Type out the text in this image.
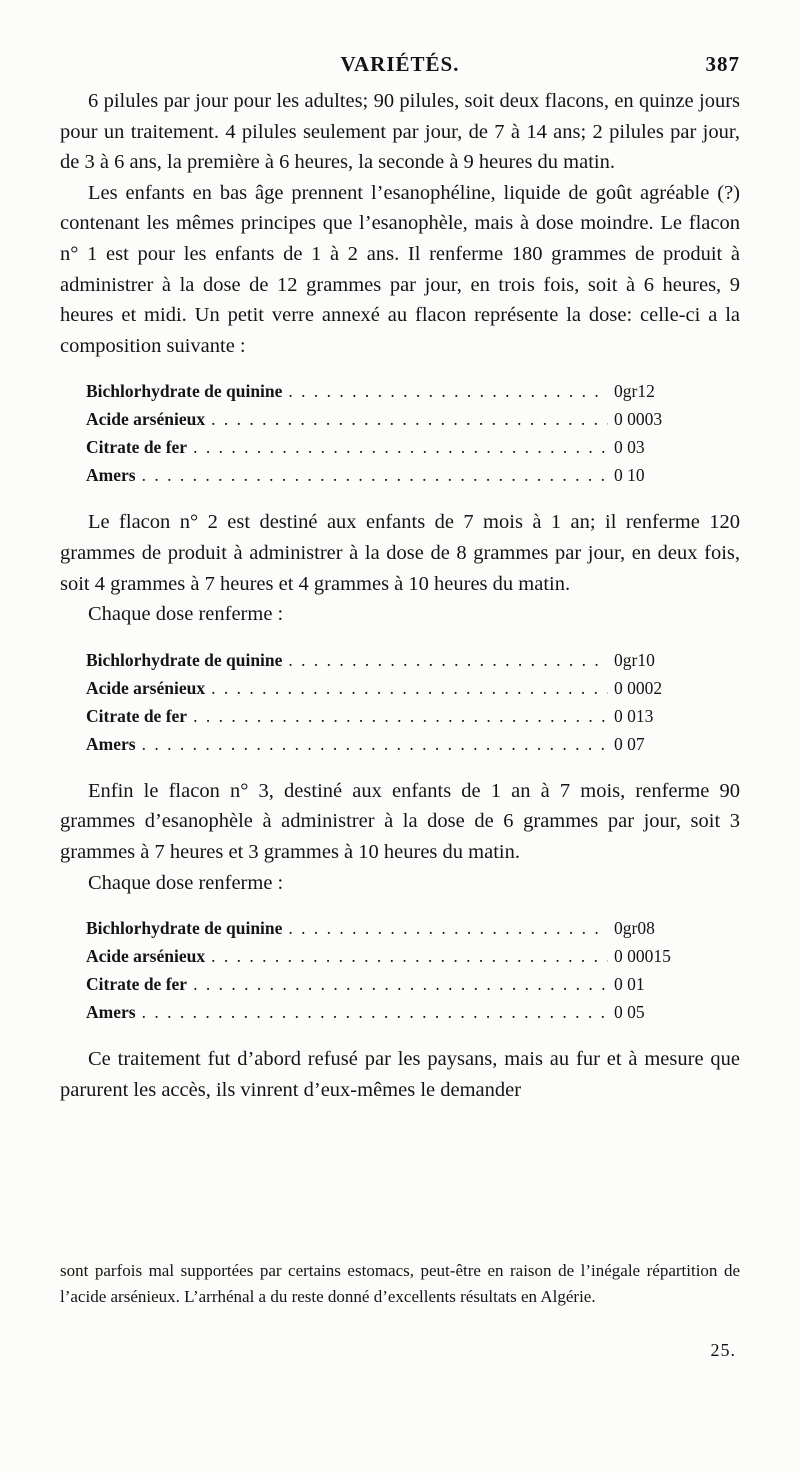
VARIÉTÉS.	387

6 pilules par jour pour les adultes; 90 pilules, soit deux flacons, en quinze jours pour un traitement. 4 pilules seulement par jour, de 7 à 14 ans; 2 pilules par jour, de 3 à 6 ans, la première à 6 heures, la seconde à 9 heures du matin.

Les enfants en bas âge prennent l’esanophéline, liquide de goût agréable (?) contenant les mêmes principes que l’esanophèle, mais à dose moindre. Le flacon n° 1 est pour les enfants de 1 à 2 ans. Il renferme 180 grammes de produit à administrer à la dose de 12 grammes par jour, en trois fois, soit à 6 heures, 9 heures et midi. Un petit verre annexé au flacon représente la dose: celle-ci a la composition suivante :

Bichlorhydrate de quinine . . .	0gr12
Acide arsénieux . . .	0 0003
Citrate de fer . . .	0 03
Amers . . .	0 10

Le flacon n° 2 est destiné aux enfants de 7 mois à 1 an; il renferme 120 grammes de produit à administrer à la dose de 8 grammes par jour, en deux fois, soit 4 grammes à 7 heures et 4 grammes à 10 heures du matin.

Chaque dose renferme :

Bichlorhydrate de quinine . . .	0gr10
Acide arsénieux . . .	0 0002
Citrate de fer . . .	0 013
Amers . . .	0 07

Enfin le flacon n° 3, destiné aux enfants de 1 an à 7 mois, renferme 90 grammes d’esanophèle à administrer à la dose de 6 grammes par jour, soit 3 grammes à 7 heures et 3 grammes à 10 heures du matin.

Chaque dose renferme :

Bichlorhydrate de quinine . . .	0gr08
Acide arsénieux . . .	0 00015
Citrate de fer . . .	0 01
Amers . . .	0 05

Ce traitement fut d’abord refusé par les paysans, mais au fur et à mesure que parurent les accès, ils vinrent d’eux-mêmes le demander

sont parfois mal supportées par certains estomacs, peut-être en raison de l’inégale répartition de l’acide arsénieux. L’arrhénal a du reste donné d’excellents résultats en Algérie.
25.
